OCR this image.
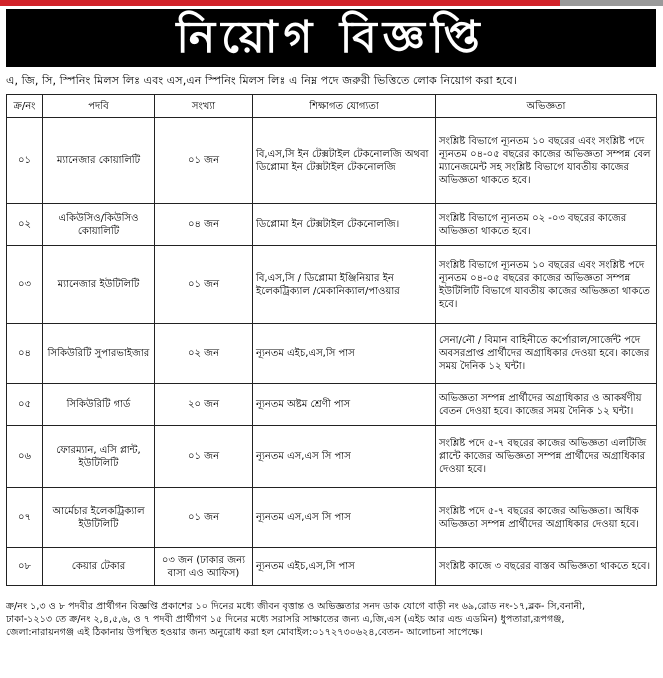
নিয়োগ বিজ্ঞপ্তি
এ, জি, সি, স্পিনিং মিলস লিঃ এবং এস,এন স্পিনিং মিলস লিঃ এ নিম্ন পদে জরুরী ভিত্তিতে লোক নিয়োগ করা হবে।
ক্র/নং	পদবি	সংখ্যা	শিক্ষাগত যোগ্যতা	অভিজ্ঞতা
০১	ম্যানেজার কোয়ালিটি	০১ জন	বি,এস,সি ইন টেক্সটাইল টেকনোলজি অথবা ডিপ্লোমা ইন টেক্সটাইল টেকনোলজি	সংশ্লিষ্ট বিভাগে ন্যূনতম ১০ বছরের এবং সংশ্লিষ্ট পদে ন্যূনতম ০৪-০৫ বছরের কাজের অভিজ্ঞতা সম্পন্ন বেল ম্যানেজমেন্ট সহ সংশ্লিষ্ট বিভাগে যাবতীয় কাজের অভিজ্ঞতা থাকতে হবে।
০২	একিউসিও/কিউসিও কোয়ালিটি	০৪ জন	ডিপ্লোমা ইন টেক্সটাইল টেকনোলজি।	সংশ্লিষ্ট বিভাগে ন্যূনতম ০২ -০৩ বছরের কাজের অভিজ্ঞতা থাকতে হবে।
০৩	ম্যানেজার ইউটিলিটি	০১ জন	বি,এস,সি / ডিপ্লোমা ইঞ্জিনিয়ার ইন ইলেকট্রিক্যাল /মেকানিক্যাল/পাওয়ার	সংশ্লিষ্ট বিভাগে ন্যূনতম ১০ বছরের এবং সংশ্লিষ্ট পদে ন্যূনতম ০৪-০৫ বছরের কাজের অভিজ্ঞতা সম্পন্ন ইউটিলিটি বিভাগে যাবতীয় কাজের অভিজ্ঞতা থাকতে হবে।
০৪	সিকিউরিটি সুপারভাইজার	০২ জন	ন্যূনতম এইচ,এস,সি পাস	সেনা/নৌ / বিমান বাহিনীতে কর্পোরাল/সার্জেন্ট পদে অবসরপ্রাপ্ত প্রার্থীদের অগ্রাধিকার দেওয়া হবে। কাজের সময় দৈনিক ১২ ঘন্টা।
০৫	সিকিউরিটি গার্ড	২০ জন	ন্যূনতম অষ্টম শ্রেণী পাস	অভিজ্ঞতা সম্পন্ন প্রার্থীদের অগ্রাধিকার ও আকর্ষণীয় বেতন দেওয়া হবে। কাজের সময় দৈনিক ১২ ঘন্টা।
০৬	ফোরম্যান, এসি প্লান্ট, ইউটিলিটি	০১ জন	ন্যূনতম এস,এস সি পাস	সংশ্লিষ্ট পদে ৫-৭ বছরের কাজের অভিজ্ঞতা এলটিজি প্লান্টে কাজের অভিজ্ঞতা সম্পন্ন প্রার্থীদের অগ্রাধিকার দেওয়া হবে।
০৭	আর্মেচার ইলেকট্রিক্যাল ইউটিলিটি	০১ জন	ন্যূনতম এস,এস সি পাস	সংশ্লিষ্ট পদে ৫-৭ বছরের কাজের অভিজ্ঞতা। অধিক অভিজ্ঞতা সম্পন্ন প্রার্থীদের অগ্রাধিকার দেওয়া হবে।
০৮	কেয়ার টেকার	০৩ জন (ঢাকার জন্য বাসা এও আফিস)	ন্যূনতম এইচ,এস,সি পাস	সংশ্লিষ্ট কাজে ৩ বছরের বাস্তব অভিজ্ঞতা থাকতে হবে।
ক্র/নং ১,৩ ও ৮ পদবীর প্রার্থীগন বিজ্ঞপ্তি প্রকাশের ১০ দিনের মধ্যে জীবন বৃত্তান্ত ও অভিজ্ঞতার সনদ ডাক যোগে বাড়ী নং ৬৯,রোড নং-১৭,ব্লক- সি,বনানী,
ঢাকা-১২১৩ তে ক্র/নং ২,৪,৫,৬, ও ৭ পদবী প্রার্থীগণ ১৫ দিনের মধ্যে সরাসরি সাক্ষাতের জন্য এ,জি,এস (এইচ আর এন্ড এডমিন) ধুপতারা,রূপগঞ্জ,
জেলা:নারায়নগঞ্জ এই ঠিকানায় উপস্থিত হওয়ার জন্য অনুরোধ করা হল মোবাইল:০১৭২৭৩০৬২৪,বেতন- আলোচনা সাপেক্ষে।
